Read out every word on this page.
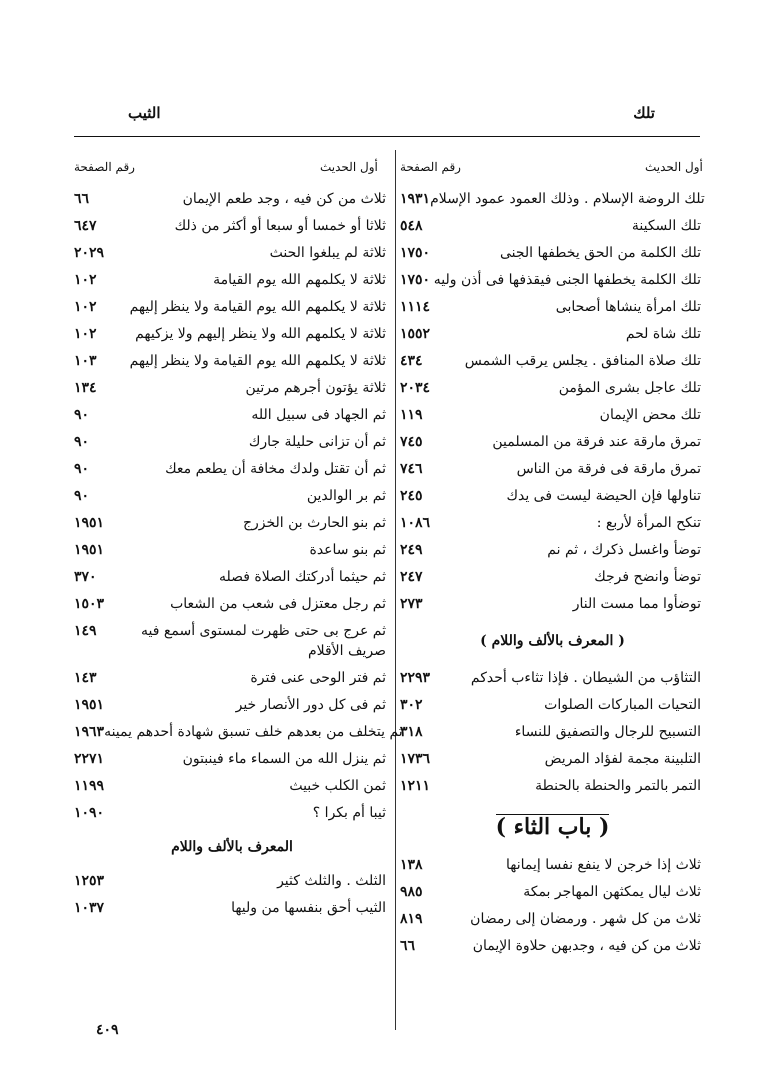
تلك
الثيب
أول الحديث
رقم الصفحة
أول الحديث
رقم الصفحة
١٩٣١ تلك الروضة الإسلام . وذلك العمود عمود الإسلام
٥٤٨	تلك السكينة
١٧٥٠	تلك الكلمة من الحق يخطفها الجنى
١٧٥٠ تلك الكلمة يخطفها الجنى فيقذفها فى أذن وليه
١١١٤	تلك امرأة ينشاها أصحابى
١٥٥٢	تلك شاة لحم
٤٣٤	تلك صلاة المنافق . يجلس يرقب الشمس
٢٠٣٤	تلك عاجل بشرى المؤمن
١١٩	تلك محض الإيمان
٧٤٥	تمرق مارقة عند فرقة من المسلمين
٧٤٦	تمرق مارقة فى فرقة من الناس
٢٤٥	تناولها فإن الحيضة ليست فى يدك
١٠٨٦	تنكح المرأة لأربع :
٢٤٩	توضأ واغسل ذكرك ، ثم نم
٢٤٧	توضأ وانضح فرجك
٢٧٣	توضأوا مما مست النار
( المعرف بالألف واللام )
٢٢٩٣	التثاؤب من الشيطان . فإذا تثاءب أحدكم
٣٠٢	التحيات المباركات الصلوات
٣١٨	التسبيح للرجال والتصفيق للنساء
١٧٣٦	التلبينة مجمة لفؤاد المريض
١٢١١	التمر بالتمر والحنطة بالحنطة
( باب الثاء )
١٣٨	ثلاث إذا خرجن لا ينفع نفسا إيمانها
٩٨٥	ثلاث ليال يمكثهن المهاجر بمكة
٨١٩	ثلاث من كل شهر . ورمضان إلى رمضان
٦٦	ثلاث من كن فيه ، وجدبهن حلاوة الإيمان
٦٦	ثلاث من كن فيه ، وجد طعم الإيمان
٦٤٧	ثلاثا أو خمسا أو سبعا أو أكثر من ذلك
٢٠٢٩	ثلاثة لم يبلغوا الحنث
١٠٢	ثلاثة لا يكلمهم الله يوم القيامة
١٠٢	ثلاثة لا يكلمهم الله يوم القيامة ولا ينظر إليهم
١٠٢	ثلاثة لا يكلمهم الله ولا ينظر إليهم ولا يزكيهم
١٠٣	ثلاثة لا يكلمهم الله يوم القيامة ولا ينظر إليهم
١٣٤	ثلاثة يؤتون أجرهم مرتين
٩٠	ثم الجهاد فى سبيل الله
٩٠	ثم أن تزانى حليلة جارك
٩٠	ثم أن تقتل ولدك مخافة أن يطعم معك
٩٠	ثم بر الوالدين
١٩٥١	ثم بنو الحارث بن الخزرج
١٩٥١	ثم بنو ساعدة
٣٧٠	ثم حيثما أدركتك الصلاة فصله
١٥٠٣	ثم رجل معتزل فى شعب من الشعاب
١٤٩	ثم عرج بى حتى ظهرت لمستوى أسمع فيه صريف الأقلام
١٤٣	ثم فتر الوحى عنى فترة
١٩٥١	ثم فى كل دور الأنصار خير
١٩٦٣ ثم يتخلف من بعدهم خلف تسبق شهادة أحدهم يمينه
٢٢٧١	ثم ينزل الله من السماء ماء فينبتون
١١٩٩	ثمن الكلب خبيث
١٠٩٠	ثيبا أم بكرا ؟
المعرف بالألف واللام
١٢٥٣	الثلث . والثلث كثير
١٠٣٧	الثيب أحق بنفسها من وليها
٤٠٩
